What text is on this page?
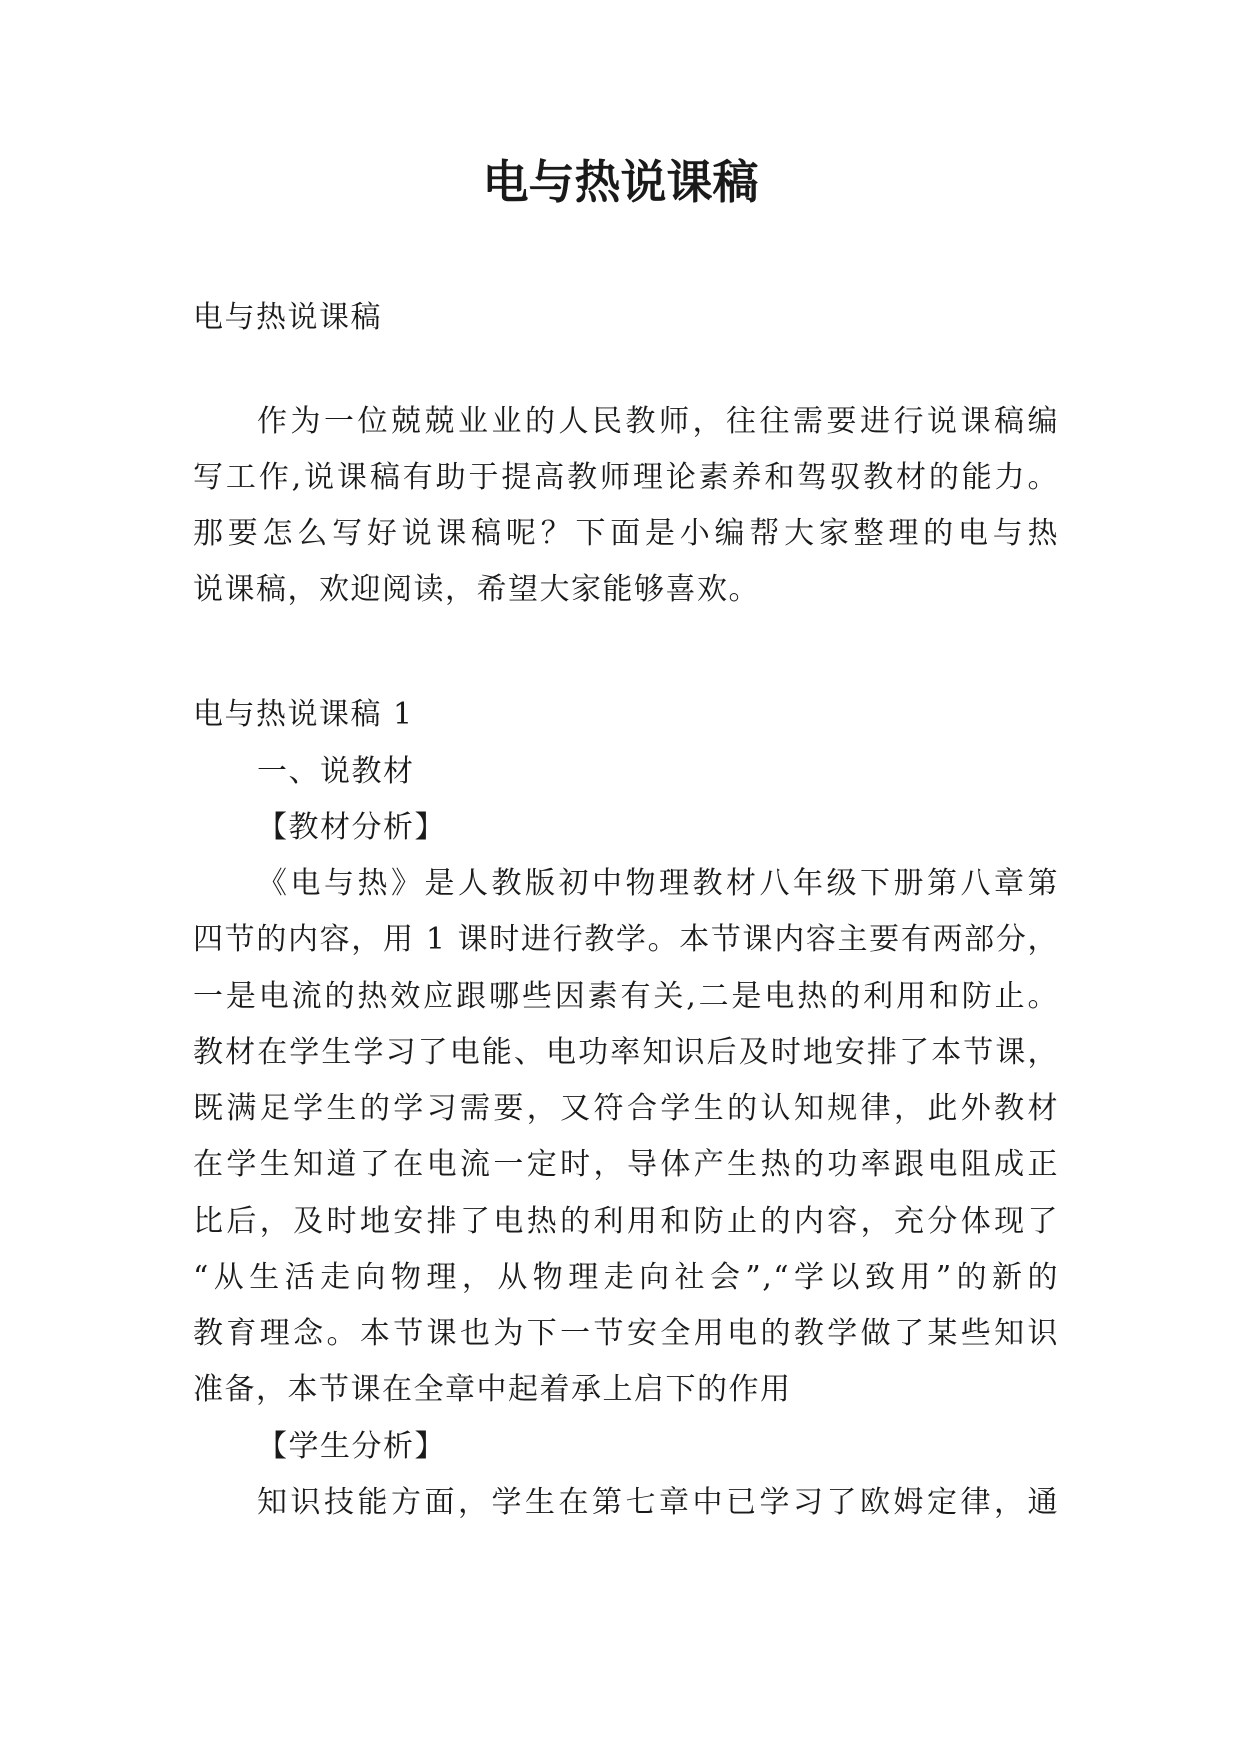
电与热说课稿
电与热说课稿
作为一位兢兢业业的人民教师，往往需要进行说课稿编
写工作,说课稿有助于提高教师理论素养和驾驭教材的能力。
那要怎么写好说课稿呢？下面是小编帮大家整理的电与热
说课稿，欢迎阅读，希望大家能够喜欢。
电与热说课稿 1
一、说教材
【教材分析】
《电与热》是人教版初中物理教材八年级下册第八章第
四节的内容，用 1 课时进行教学。本节课内容主要有两部分，
一是电流的热效应跟哪些因素有关,二是电热的利用和防止。
教材在学生学习了电能、电功率知识后及时地安排了本节课，
既满足学生的学习需要，又符合学生的认知规律，此外教材
在学生知道了在电流一定时，导体产生热的功率跟电阻成正
比后，及时地安排了电热的利用和防止的内容，充分体现了
“从生活走向物理，从物理走向社会”,“学以致用”的新的
教育理念。本节课也为下一节安全用电的教学做了某些知识
准备，本节课在全章中起着承上启下的作用
【学生分析】
知识技能方面，学生在第七章中已学习了欧姆定律，通
